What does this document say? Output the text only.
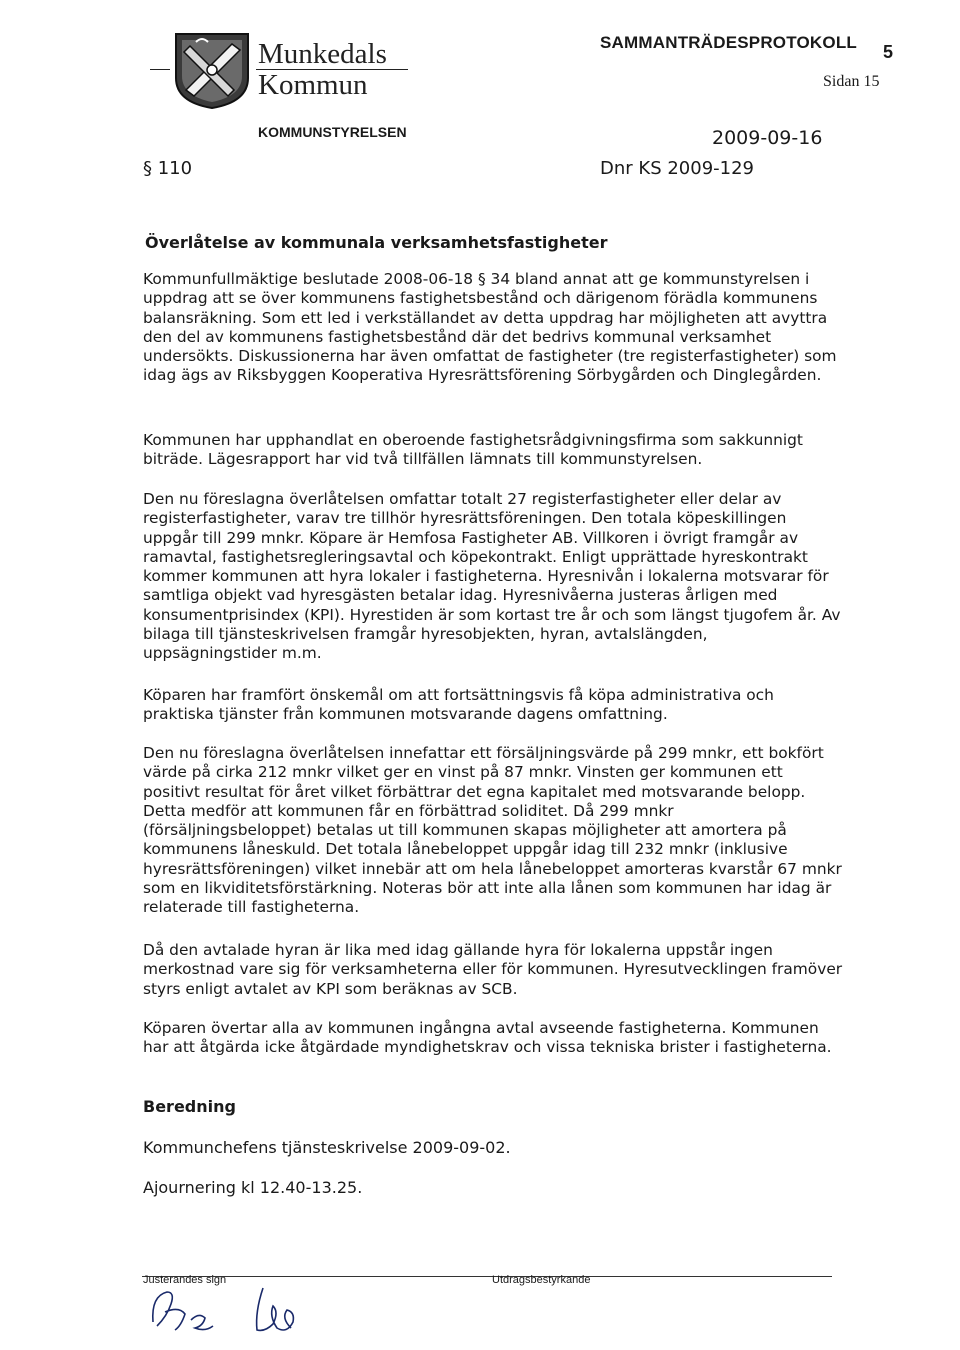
Munkedals
Kommun
SAMMANTRÄDESPROTOKOLL 5
Sidan 15
KOMMUNSTYRELSEN	2009-09-16
§ 110	Dnr KS 2009-129
Överlåtelse av kommunala verksamhetsfastigheter

Kommunfullmäktige beslutade 2008-06-18 § 34 bland annat att ge kommunstyrelsen i uppdrag att se över kommunens fastighetsbestånd och därigenom förädla kommunens balansräkning. Som ett led i verkställandet av detta uppdrag har möjligheten att avyttra den del av kommunens fastighetsbestånd där det bedrivs kommunal verksamhet undersökts. Diskussionerna har även omfattat de fastigheter (tre registerfastigheter) som idag ägs av Riksbyggen Kooperativa Hyresrättsförening Sörbygården och Dinglegården.

Kommunen har upphandlat en oberoende fastighetsrådgivningsfirma som sakkunnigt biträde. Lägesrapport har vid två tillfällen lämnats till kommunstyrelsen.

Den nu föreslagna överlåtelsen omfattar totalt 27 registerfastigheter eller delar av registerfastigheter, varav tre tillhör hyresrättsföreningen. Den totala köpeskillingen uppgår till 299 mnkr. Köpare är Hemfosa Fastigheter AB. Villkoren i övrigt framgår av ramavtal, fastighetsregleringsavtal och köpekontrakt. Enligt upprättade hyreskontrakt kommer kommunen att hyra lokaler i fastigheterna. Hyresnivån i lokalerna motsvarar för samtliga objekt vad hyresgästen betalar idag. Hyresnivåerna justeras årligen med konsumentprisindex (KPI). Hyrestiden är som kortast tre år och som längst tjugofem år. Av bilaga till tjänsteskrivelsen framgår hyresobjekten, hyran, avtalslängden, uppsägningstider m.m.

Köparen har framfört önskemål om att fortsättningsvis få köpa administrativa och praktiska tjänster från kommunen motsvarande dagens omfattning.

Den nu föreslagna överlåtelsen innefattar ett försäljningsvärde på 299 mnkr, ett bokfört värde på cirka 212 mnkr vilket ger en vinst på 87 mnkr. Vinsten ger kommunen ett positivt resultat för året vilket förbättrar det egna kapitalet med motsvarande belopp. Detta medför att kommunen får en förbättrad soliditet. Då 299 mnkr (försäljningsbeloppet) betalas ut till kommunen skapas möjligheter att amortera på kommunens låneskuld. Det totala lånebeloppet uppgår idag till 232 mnkr (inklusive hyresrättsföreningen) vilket innebär att om hela lånebeloppet amorteras kvarstår 67 mnkr som en likviditetsförstärkning. Noteras bör att inte alla lånen som kommunen har idag är relaterade till fastigheterna.

Då den avtalade hyran är lika med idag gällande hyra för lokalerna uppstår ingen merkostnad vare sig för verksamheterna eller för kommunen. Hyresutvecklingen framöver styrs enligt avtalet av KPI som beräknas av SCB.

Köparen övertar alla av kommunen ingångna avtal avseende fastigheterna. Kommunen har att åtgärda icke åtgärdade myndighetskrav och vissa tekniska brister i fastigheterna.

Beredning
Kommunchefens tjänsteskrivelse 2009-09-02.
Ajournering kl 12.40-13.25.
Justerandes sign	Utdragsbestyrkande
